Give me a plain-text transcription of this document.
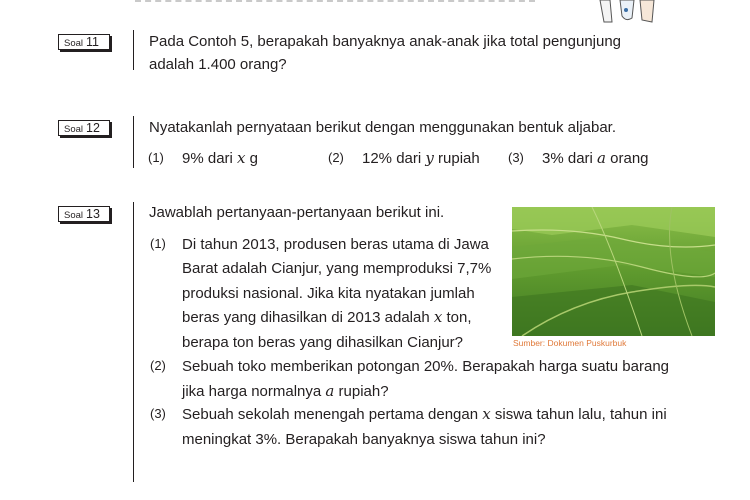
Soal 11	Pada Contoh 5, berapakah banyaknya anak-anak jika total pengunjung
adalah 1.400 orang?
Soal 12	Nyatakanlah pernyataan berikut dengan menggunakan bentuk aljabar.
(1) 9% dari x g	(2) 12% dari y rupiah (3) 3% dari a orang
Soal 13	Jawablah pertanyaan-pertanyaan berikut ini.
(1) Di tahun 2013, produsen beras utama di Jawa
Barat adalah Cianjur, yang memproduksi 7,7%
produksi nasional. Jika kita nyatakan jumlah
beras yang dihasilkan di 2013 adalah x ton,
berapa ton beras yang dihasilkan Cianjur?	Sumber: Dokumen Puskurbuk
(2) Sebuah toko memberikan potongan 20%. Berapakah harga suatu barang
jika harga normalnya a rupiah?
(3) Sebuah sekolah menengah pertama dengan x siswa tahun lalu, tahun ini
meningkat 3%. Berapakah banyaknya siswa tahun ini?
